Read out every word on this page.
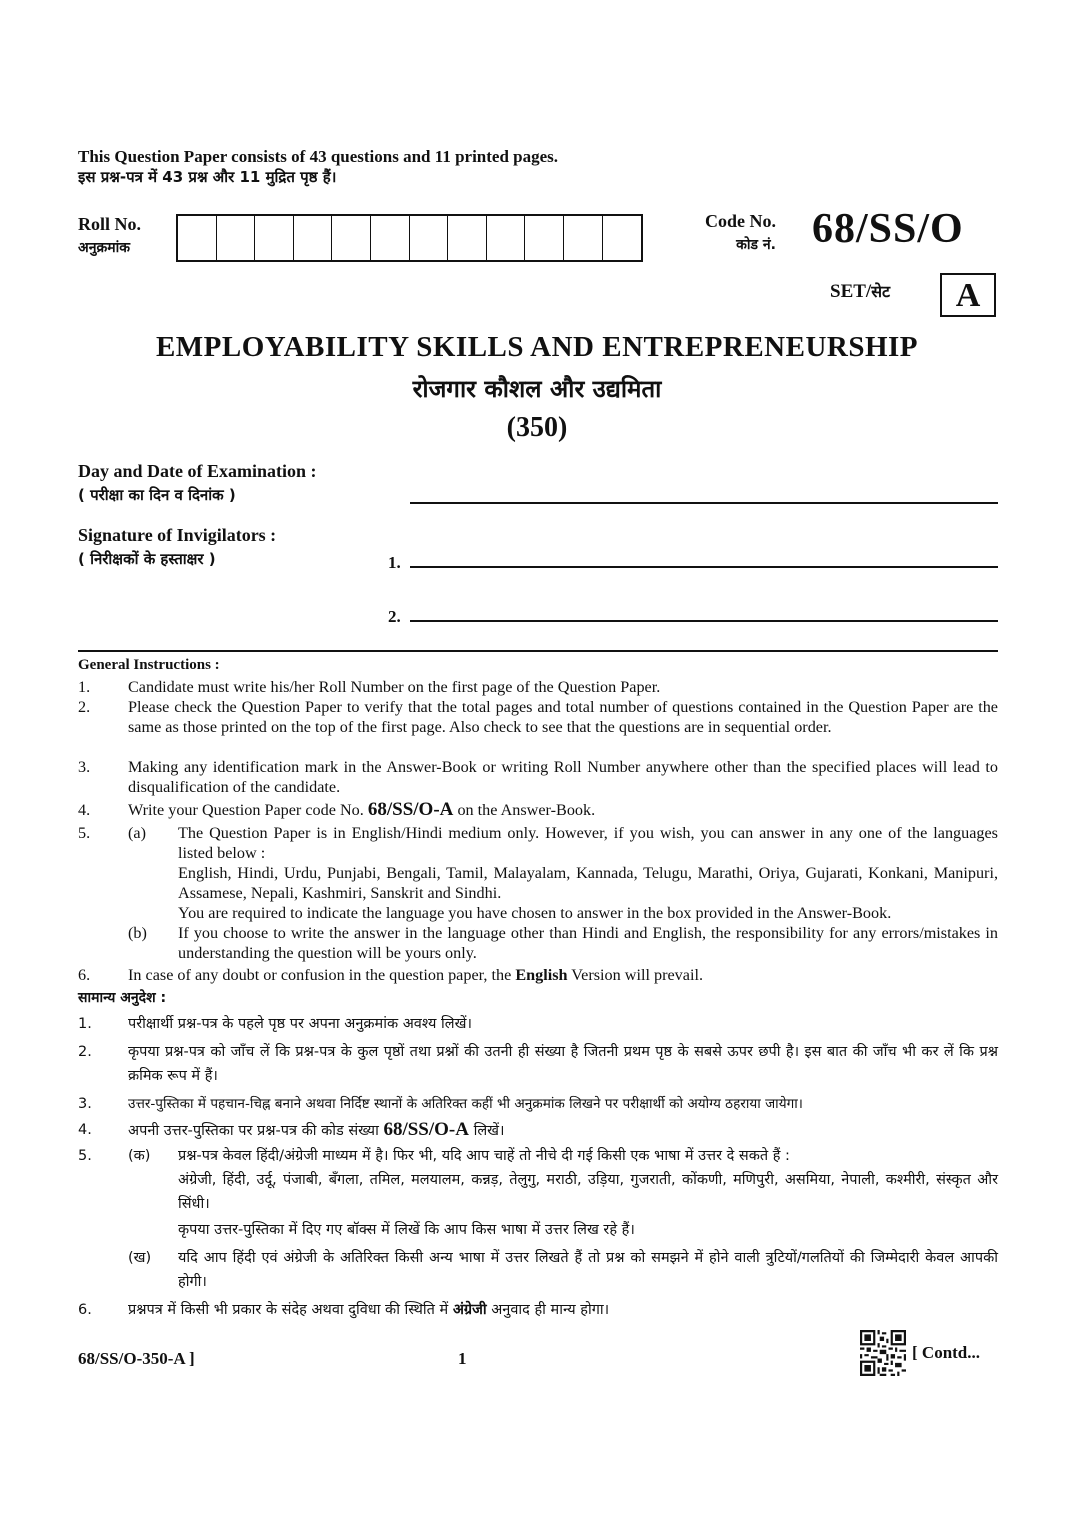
This Question Paper consists of 43 questions and 11 printed pages.
इस प्रश्न-पत्र में 43 प्रश्न और 11 मुद्रित पृष्ठ हैं।
Roll No.
अनुक्रमांक
Code No.
कोड नं. 68/SS/O
SET/सेट	A
EMPLOYABILITY SKILLS AND ENTREPRENEURSHIP
रोजगार कौशल और उद्यमिता
(350)
Day and Date of Examination :
( परीक्षा का दिन व दिनांक )
Signature of Invigilators :
( निरीक्षकों के हस्ताक्षर )	1.
2.
General Instructions :
1. Candidate must write his/her Roll Number on the first page of the Question Paper.
2. Please check the Question Paper to verify that the total pages and total number of questions contained in the Question Paper are the same as those printed on the top of the first page. Also check to see that the questions are in sequential order.
3. Making any identification mark in the Answer-Book or writing Roll Number anywhere other than the specified places will lead to disqualification of the candidate.
4. Write your Question Paper code No. 68/SS/O-A on the Answer-Book.
5. (a) The Question Paper is in English/Hindi medium only. However, if you wish, you can answer in any one of the languages listed below :
English, Hindi, Urdu, Punjabi, Bengali, Tamil, Malayalam, Kannada, Telugu, Marathi, Oriya, Gujarati, Konkani, Manipuri, Assamese, Nepali, Kashmiri, Sanskrit and Sindhi.
You are required to indicate the language you have chosen to answer in the box provided in the Answer-Book.
(b) If you choose to write the answer in the language other than Hindi and English, the responsibility for any errors/mistakes in understanding the question will be yours only.
6. In case of any doubt or confusion in the question paper, the English Version will prevail.
सामान्य अनुदेश :
1. परीक्षार्थी प्रश्न-पत्र के पहले पृष्ठ पर अपना अनुक्रमांक अवश्य लिखें।
2. कृपया प्रश्न-पत्र को जाँच लें कि प्रश्न-पत्र के कुल पृष्ठों तथा प्रश्नों की उतनी ही संख्या है जितनी प्रथम पृष्ठ के सबसे ऊपर छपी है। इस बात की जाँच भी कर लें कि प्रश्न क्रमिक रूप में हैं।
3.	उत्तर-पुस्तिका में पहचान-चिह्न बनाने अथवा निर्दिष्ट स्थानों के अतिरिक्त कहीं भी अनुक्रमांक लिखने पर परीक्षार्थी को अयोग्य ठहराया जायेगा।
4. अपनी उत्तर-पुस्तिका पर प्रश्न-पत्र की कोड संख्या 68/SS/O-A लिखें।
5. (क) प्रश्न-पत्र केवल हिंदी/अंग्रेजी माध्यम में है। फिर भी, यदि आप चाहें तो नीचे दी गई किसी एक भाषा में उत्तर दे सकते हैं :
अंग्रेजी, हिंदी, उर्दू, पंजाबी, बँगला, तमिल, मलयालम, कन्नड़, तेलुगु, मराठी, उड़िया, गुजराती, कोंकणी, मणिपुरी, असमिया, नेपाली, कश्मीरी, संस्कृत और सिंधी।
कृपया उत्तर-पुस्तिका में दिए गए बॉक्स में लिखें कि आप किस भाषा में उत्तर लिख रहे हैं।
(ख) यदि आप हिंदी एवं अंग्रेजी के अतिरिक्त किसी अन्य भाषा में उत्तर लिखते हैं तो प्रश्न को समझने में होने वाली त्रुटियों/गलतियों की जिम्मेदारी केवल आपकी होगी।
6. प्रश्नपत्र में किसी भी प्रकार के संदेह अथवा दुविधा की स्थिति में अंग्रेजी अनुवाद ही मान्य होगा।
68/SS/O-350-A ]	1	[ Contd...
